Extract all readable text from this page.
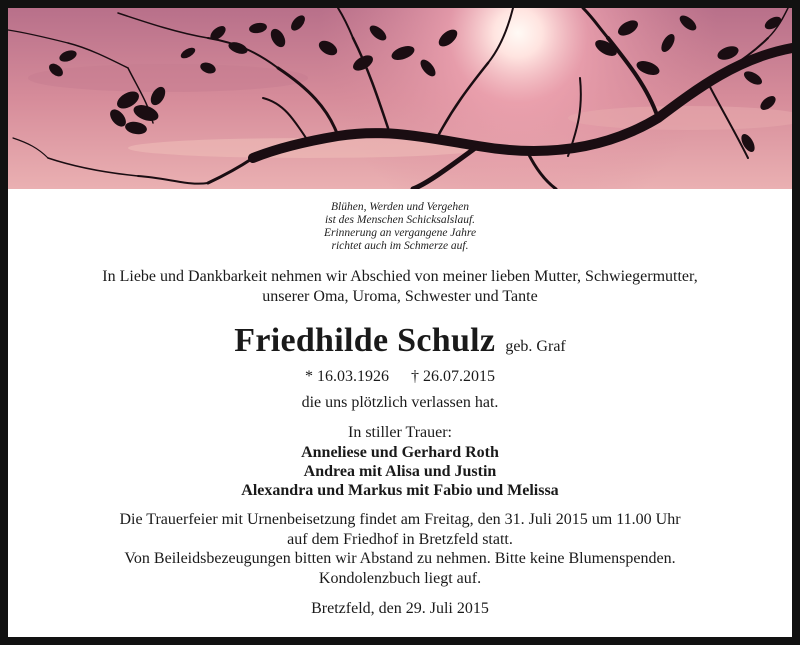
Blühen, Werden und Vergehen
ist des Menschen Schicksalslauf.
Erinnerung an vergangene Jahre
richtet auch im Schmerze auf.
In Liebe und Dankbarkeit nehmen wir Abschied von meiner lieben Mutter, Schwiegermutter,
unserer Oma, Uroma, Schwester und Tante
Friedhilde Schulz geb. Graf
* 16.03.1926 † 26.07.2015
die uns plötzlich verlassen hat.
In stiller Trauer:
Anneliese und Gerhard Roth
Andrea mit Alisa und Justin
Alexandra und Markus mit Fabio und Melissa
Die Trauerfeier mit Urnenbeisetzung findet am Freitag, den 31. Juli 2015 um 11.00 Uhr
auf dem Friedhof in Bretzfeld statt.
Von Beileidsbezeugungen bitten wir Abstand zu nehmen. Bitte keine Blumenspenden.
Kondolenzbuch liegt auf.
Bretzfeld, den 29. Juli 2015
